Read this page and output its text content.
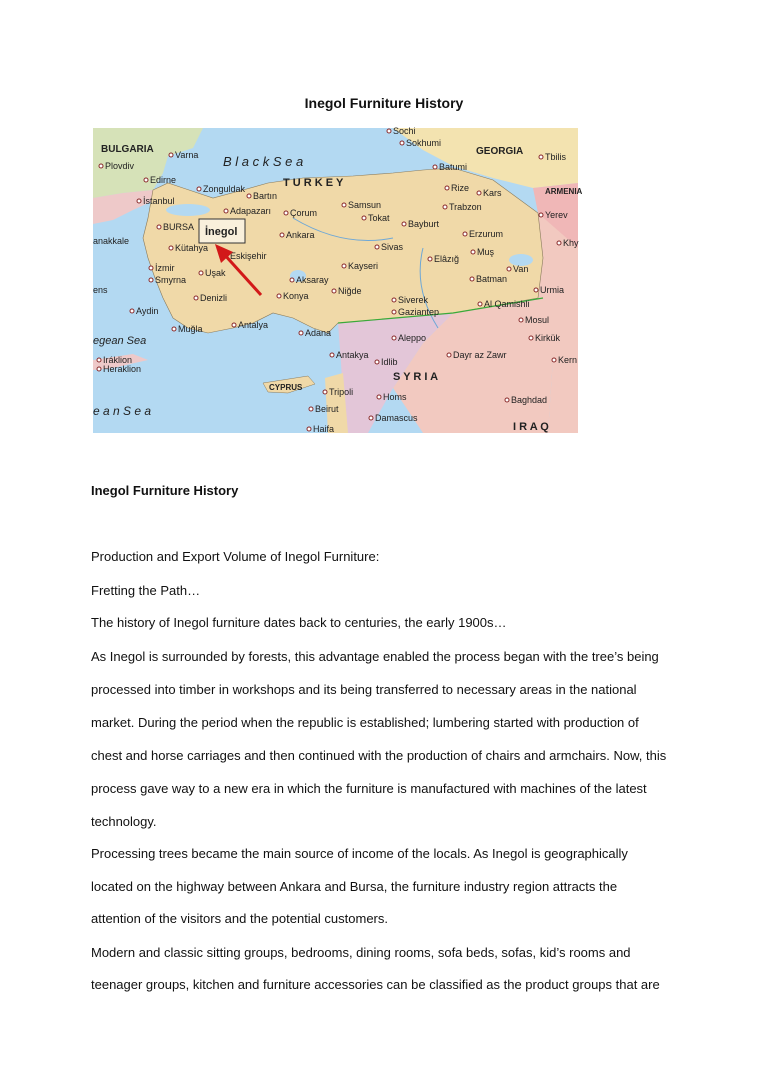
Inegol Furniture History
B l a c k S e a
egean Sea
e a n S e a
BULGARIA	GEORGIA
ARMENIA
T U R K E Y
S Y R I A
I R A Q
CYPRUS
Plovdiv
Varna
İstanbul
Edirne
Zonguldak
Bartın
Adapazarı Çorum
Samsun
Tokat
Sochi
Sokhumi
Batumi
Tbilis
Rize Kars
Trabzon
Yerev
Bayburt
Erzurum
BURSA
anakkale
Kütahya
Eskişehir
Ankara
Sivas	Muş
İzmir
Smyrna
Uşak
Kayseri
Elâzığ
Van
Aksaray	Batman
ens
Konya	Niğde
Siverek
Urmia
Denizli
Al Qamishli
Aydin	Gaziantep
Mosul
Muğla	Antalya
Adana	Kirkük
Aleppo
Kern
Iráklion
Heraklion
Antakya
Idlib
Dayr az Zawr
Tripoli	Homs	Baghdad
Beirut
Damascus
Haifa
Khy
İnegol
Inegol Furniture History
Production and Export Volume of Inegol Furniture:
Fretting the Path…
The history of Inegol furniture dates back to centuries, the early 1900s…
As Inegol is surrounded by forests, this advantage enabled the process began with the tree’s being
processed into timber in workshops and its being transferred to necessary areas in the national
market. During the period when the republic is established; lumbering started with production of
chest and horse carriages and then continued with the production of chairs and armchairs. Now, this
process gave way to a new era in which the furniture is manufactured with machines of the latest
technology.
Processing trees became the main source of income of the locals. As Inegol is geographically
located on the highway between Ankara and Bursa, the furniture industry region attracts the
attention of the visitors and the potential customers.
Modern and classic sitting groups, bedrooms, dining rooms, sofa beds, sofas, kid’s rooms and
teenager groups, kitchen and furniture accessories can be classified as the product groups that are
